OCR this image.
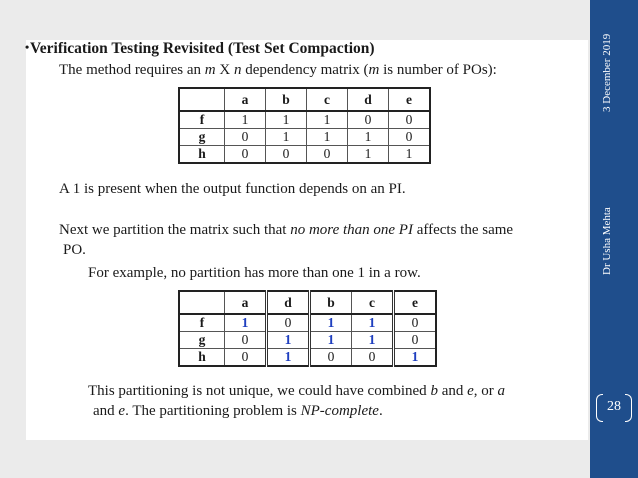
• Verification Testing Revisited (Test Set Compaction)
The method requires an m X n dependency matrix (m is number of POs):
	a	b	c	d	e
f	1	1	1	0	0
g	0	1	1	1	0
h	0	0	0	1	1
A 1 is present when the output function depends on an PI.
Next we partition the matrix such that no more than one PI affects the same
PO.
For example, no partition has more than one 1 in a row.
	a	d	b	c	e
f	1	0	1	1	0
g	0	1	1	1	0
h	0	1	0	0	1
This partitioning is not unique, we could have combined b and e, or a
and e. The partitioning problem is NP-complete.
3 December 2019
Dr Usha Mehta
28
